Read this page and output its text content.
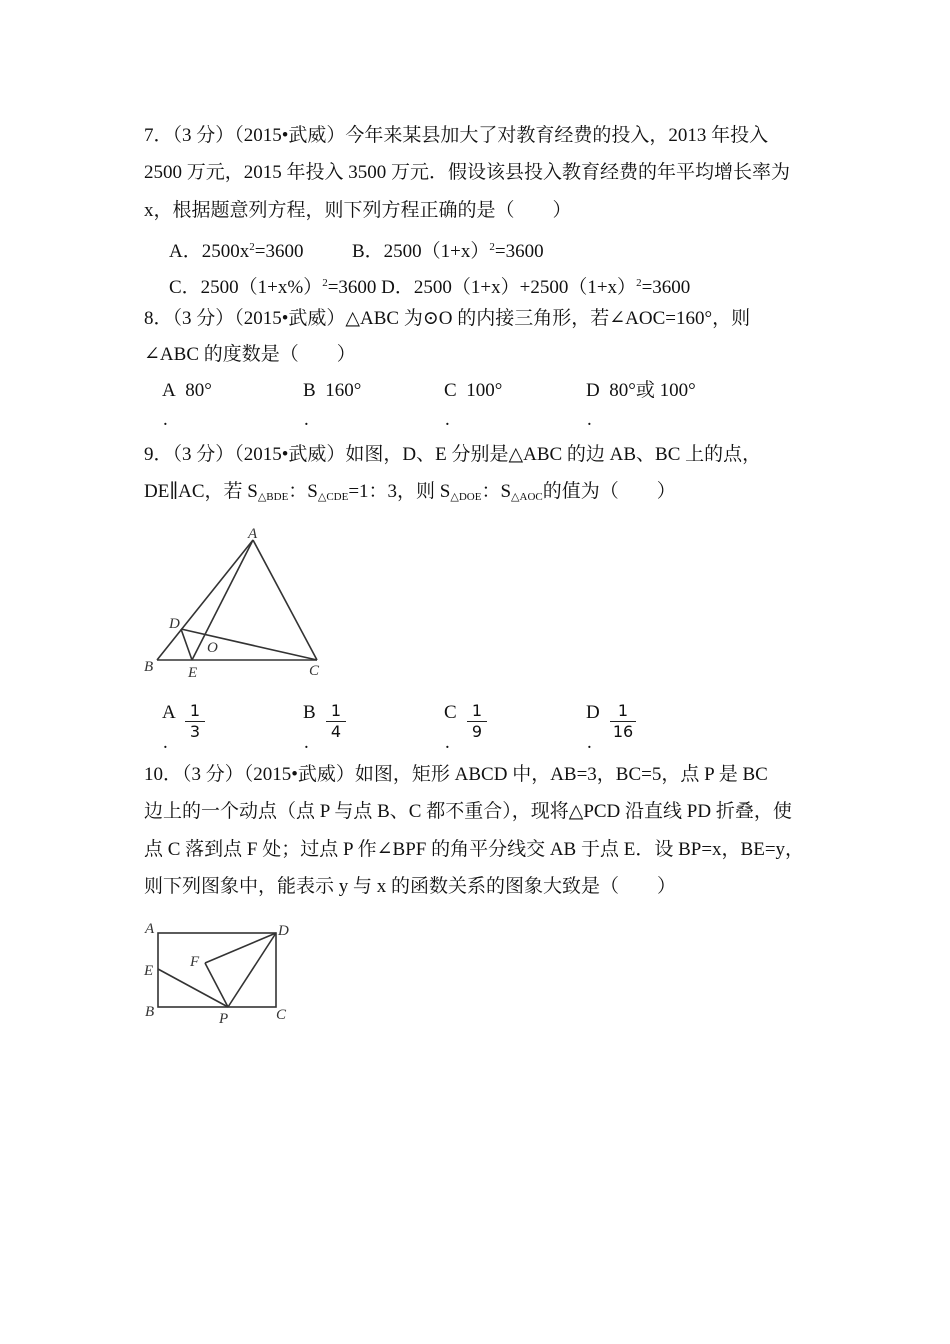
7．（3 分）（2015•武威）今年来某县加大了对教育经费的投入，2013 年投入
2500 万元，2015 年投入 3500 万元．假设该县投入教育经费的年平均增长率为
x，根据题意列方程，则下列方程正确的是（　　）
A．$2500x^2=3600$	B．$2500(1+x)^2=3600$
C．$2500(1+x\%)^2=3600$ D．$2500(1+x)+2500(1+x)^2=3600$
8．（3 分）（2015•武威）△ABC 为⊙O 的内接三角形，若∠AOC=160°，则
∠ABC 的度数是（　　）
A 80°	B 160°	C 100°	D 80°或 100°
.	.	.	.
9．（3 分）（2015•武威）如图，D、E 分别是△ABC 的边 AB、BC 上的点，
DE∥AC，若 $S_{\triangle BDE}$：$S_{\triangle CDE}=1$：3，则 $S_{\triangle DOE}$：$S_{\triangle AOC}$的值为（　　）
A
B	C
D
E
O
A 1
3
B 1
4
C 1
9
D	1
16
.	.	.	.
10．（3 分）（2015•武威）如图，矩形 ABCD 中，AB=3，BC=5，点 P 是 BC
边上的一个动点（点 P 与点 B、C 都不重合），现将△PCD 沿直线 PD 折叠，使
点 C 落到点 F 处；过点 P 作∠BPF 的角平分线交 AB 于点 E．设 BP=x，BE=y，
则下列图象中，能表示 y 与 x 的函数关系的图象大致是（　　）
A
B	C
D
E
F
P
